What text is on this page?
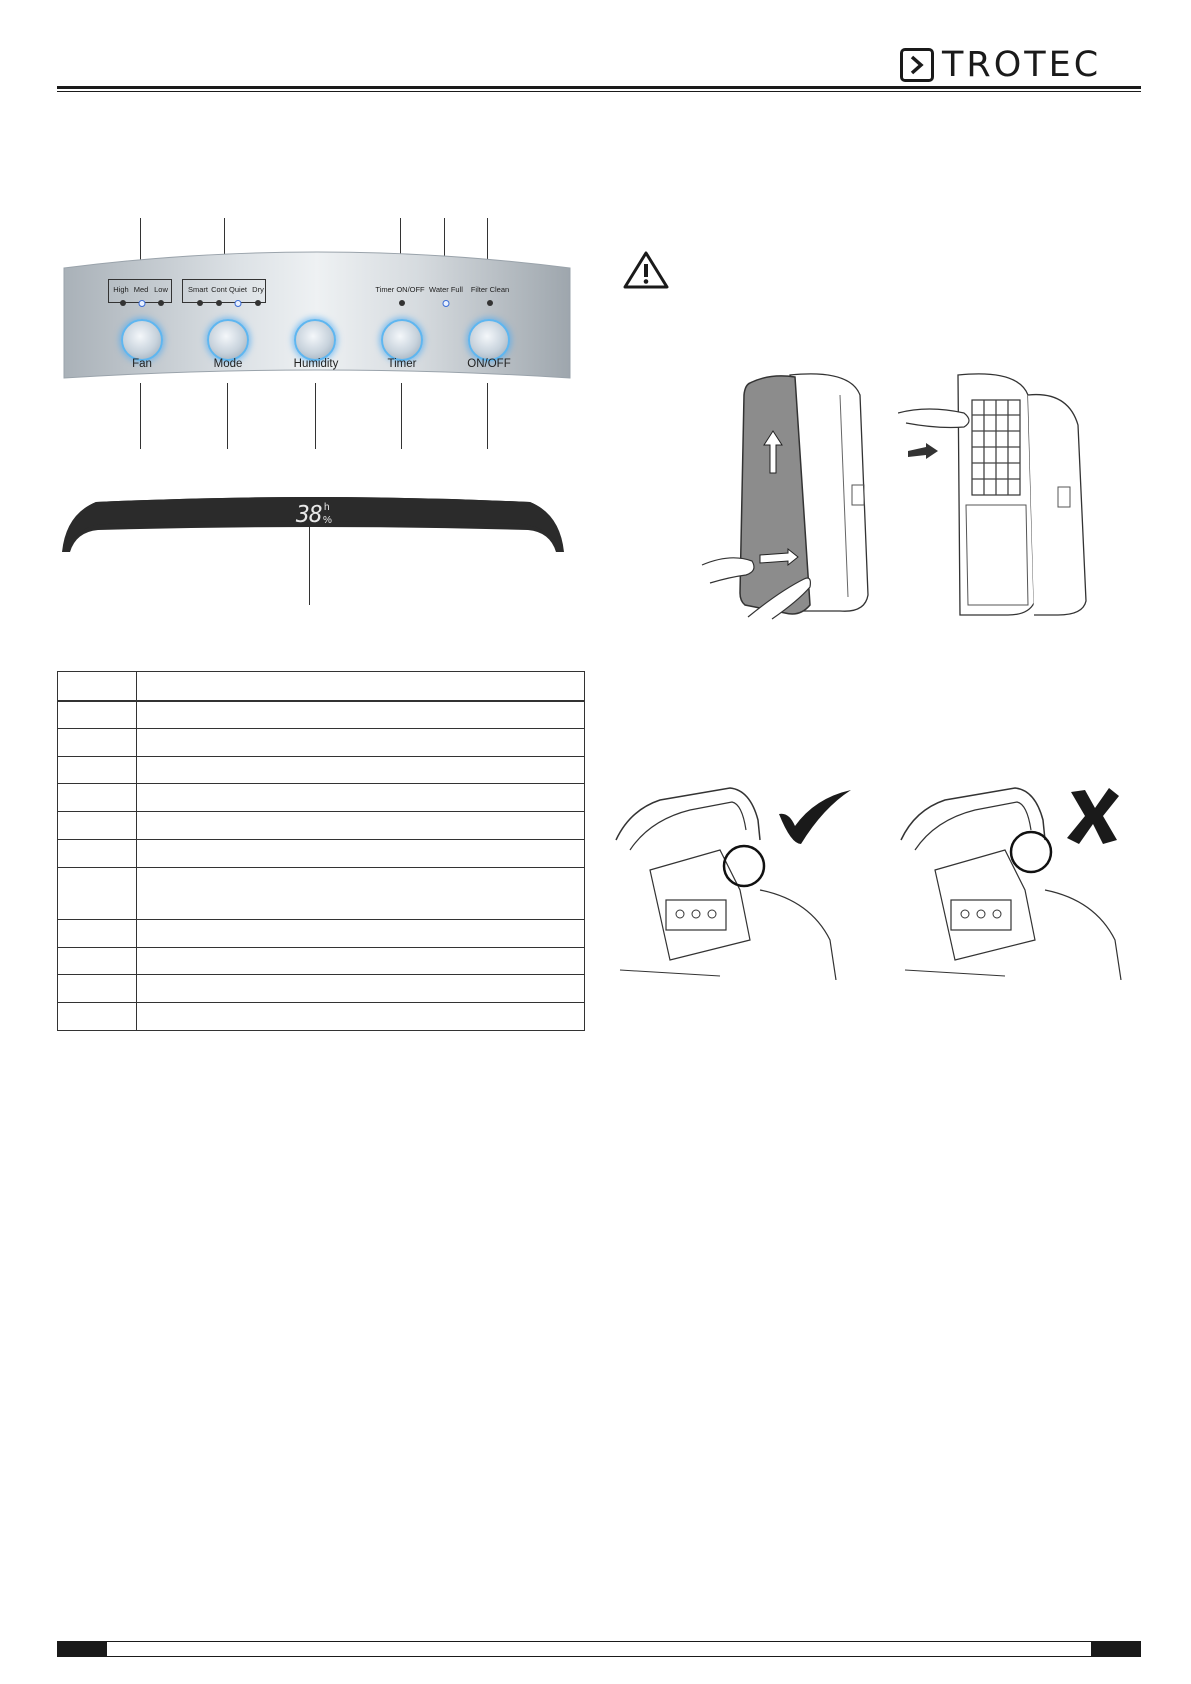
TROTEC
High Med Low	Smart Cont Quiet Dry	Timer ON/OFF Water Full Filter Clean
Fan	Mode	Humidity	Timer	ON/OFF
38 h
%
